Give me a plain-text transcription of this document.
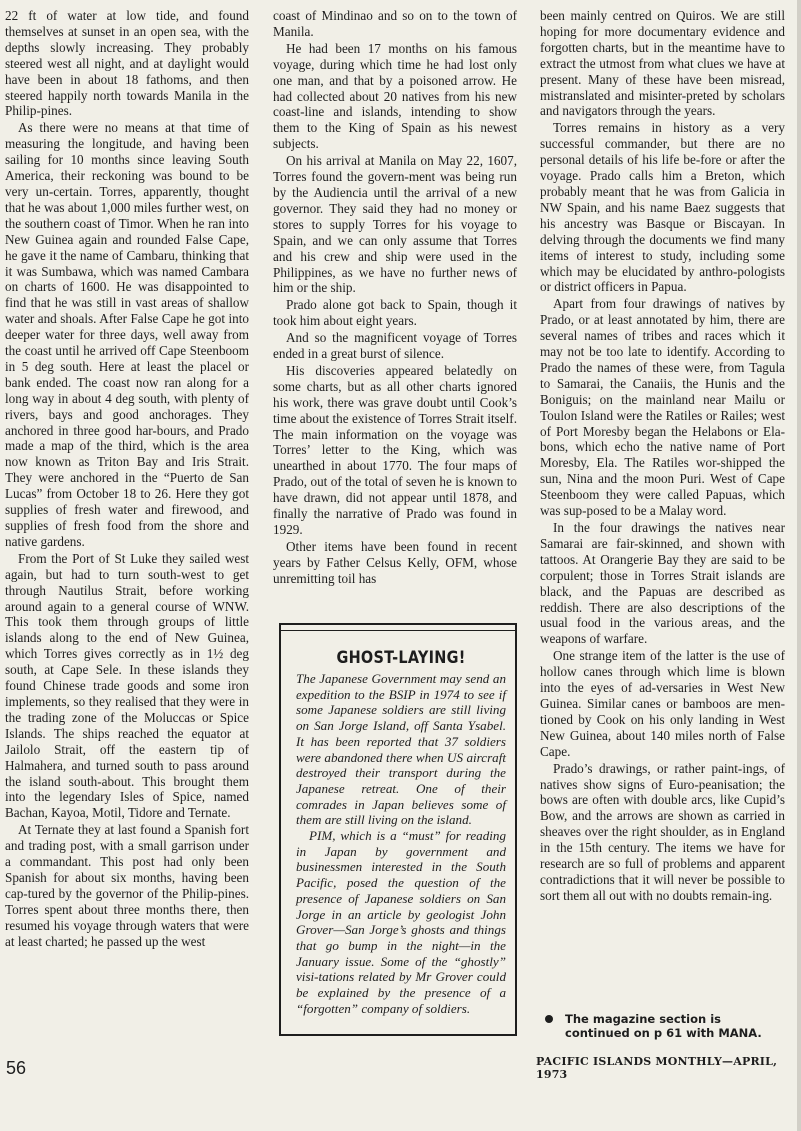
22 ft of water at low tide, and found themselves at sunset in an open sea, with the depths slowly increasing. They probably steered west all night, and at daylight would have been in about 18 fathoms, and then steered happily north towards Manila in the Philip-pines.

As there were no means at that time of measuring the longitude, and having been sailing for 10 months since leaving South America, their reckoning was bound to be very un-certain. Torres, apparently, thought that he was about 1,000 miles further west, on the southern coast of Timor. When he ran into New Guinea again and rounded False Cape, he gave it the name of Cambaru, thinking that it was Sumbawa, which was named Cambara on charts of 1600. He was disappointed to find that he was still in vast areas of shallow water and shoals. After False Cape he got into deeper water for three days, well away from the coast until he arrived off Cape Steenboom in 5 deg south. Here at least the placel or bank ended. The coast now ran along for a long way in about 4 deg south, with plenty of rivers, bays and good anchorages. They anchored in three good har-bours, and Prado made a map of the third, which is the area now known as Triton Bay and Iris Strait. They were anchored in the “Puerto de San Lucas” from October 18 to 26. Here they got supplies of fresh water and firewood, and supplies of fresh food from the shore and native gardens.

From the Port of St Luke they sailed west again, but had to turn south-west to get through Nautilus Strait, before working around again to a general course of WNW. This took them through groups of little islands along to the end of New Guinea, which Torres gives correctly as in 1½ deg south, at Cape Sele. In these islands they found Chinese trade goods and some iron implements, so they realised that they were in the trading zone of the Moluccas or Spice Islands. The ships reached the equator at Jailolo Strait, off the eastern tip of Halmahera, and turned south to pass around the island south-about. This brought them into the legendary Isles of Spice, named Bachan, Kayoa, Motil, Tidore and Ternate.

At Ternate they at last found a Spanish fort and trading post, with a small garrison under a commandant. This post had only been Spanish for about six months, having been cap-tured by the governor of the Philip-pines. Torres spent about three months there, then resumed his voyage through waters that were at least charted; he passed up the west

coast of Mindinao and so on to the town of Manila.

He had been 17 months on his famous voyage, during which time he had lost only one man, and that by a poisoned arrow. He had collected about 20 natives from his new coast-line and islands, intending to show them to the King of Spain as his newest subjects.

On his arrival at Manila on May 22, 1607, Torres found the govern-ment was being run by the Audiencia until the arrival of a new governor. They said they had no money or stores to supply Torres for his voyage to Spain, and we can only assume that Torres and his crew and ship were used in the Philippines, as we have no further news of him or the ship.

Prado alone got back to Spain, though it took him about eight years.

And so the magnificent voyage of Torres ended in a great burst of silence.

His discoveries appeared belatedly on some charts, but as all other charts ignored his work, there was grave doubt until Cook’s time about the existence of Torres Strait itself. The main information on the voyage was Torres’ letter to the King, which was unearthed in about 1770. The four maps of Prado, out of the total of seven he is known to have drawn, did not appear until 1878, and finally the narrative of Prado was found in 1929.

Other items have been found in recent years by Father Celsus Kelly, OFM, whose unremitting toil has

GHOST-LAYING!

The Japanese Government may send an expedition to the BSIP in 1974 to see if some Japanese soldiers are still living on San Jorge Island, off Santa Ysabel. It has been reported that 37 soldiers were abandoned there when US aircraft destroyed their transport during the Japanese retreat. One of their comrades in Japan believes some of them are still living on the island.

PIM, which is a “must” for reading in Japan by government and businessmen interested in the South Pacific, posed the question of the presence of Japanese soldiers on San Jorge in an article by geologist John Grover—San Jorge’s ghosts and things that go bump in the night—in the January issue. Some of the “ghostly” visi-tations related by Mr Grover could be explained by the presence of a “forgotten” company of soldiers.

been mainly centred on Quiros. We are still hoping for more documentary evidence and forgotten charts, but in the meantime have to extract the utmost from what clues we have at present. Many of these have been misread, mistranslated and misinter-preted by scholars and navigators through the years.

Torres remains in history as a very successful commander, but there are no personal details of his life be-fore or after the voyage. Prado calls him a Breton, which probably meant that he was from Galicia in NW Spain, and his name Baez suggests that his ancestry was Basque or Biscayan. In delving through the documents we find many items of interest to study, including some which may be elucidated by anthro-pologists or district officers in Papua.

Apart from four drawings of natives by Prado, or at least annotated by him, there are several names of tribes and races which it may not be too late to identify. According to Prado the names of these were, from Tagula to Samarai, the Canaiis, the Hunis and the Boniguis; on the mainland near Mailu or Toulon Island were the Ratiles or Railes; west of Port Moresby began the Helabons or Ela-bons, which echo the native name of Port Moresby, Ela. The Ratiles wor-shipped the sun, Nina and the moon Puri. West of Cape Steenboom they were called Papuas, which was sup-posed to be a Malay word.

In the four drawings the natives near Samarai are fair-skinned, and shown with tattoos. At Orangerie Bay they are said to be corpulent; those in Torres Strait islands are black, and the Papuas are described as reddish. There are also descriptions of the usual food in the various areas, and the weapons of warfare.

One strange item of the latter is the use of hollow canes through which lime is blown into the eyes of ad-versaries in West New Guinea. Similar canes or bamboos are men-tioned by Cook on his only landing in West New Guinea, about 140 miles north of False Cape.

Prado’s drawings, or rather paint-ings, of natives show signs of Euro-peanisation; the bows are often with double arcs, like Cupid’s Bow, and the arrows are shown as carried in sheaves over the right shoulder, as in England in the 15th century. The items we have for research are so full of problems and apparent contradictions that it will never be possible to sort them all out with no doubts remain-ing.

The magazine section is continued on p 61 with MANA.
56	PACIFIC ISLANDS MONTHLY—APRIL, 1973
